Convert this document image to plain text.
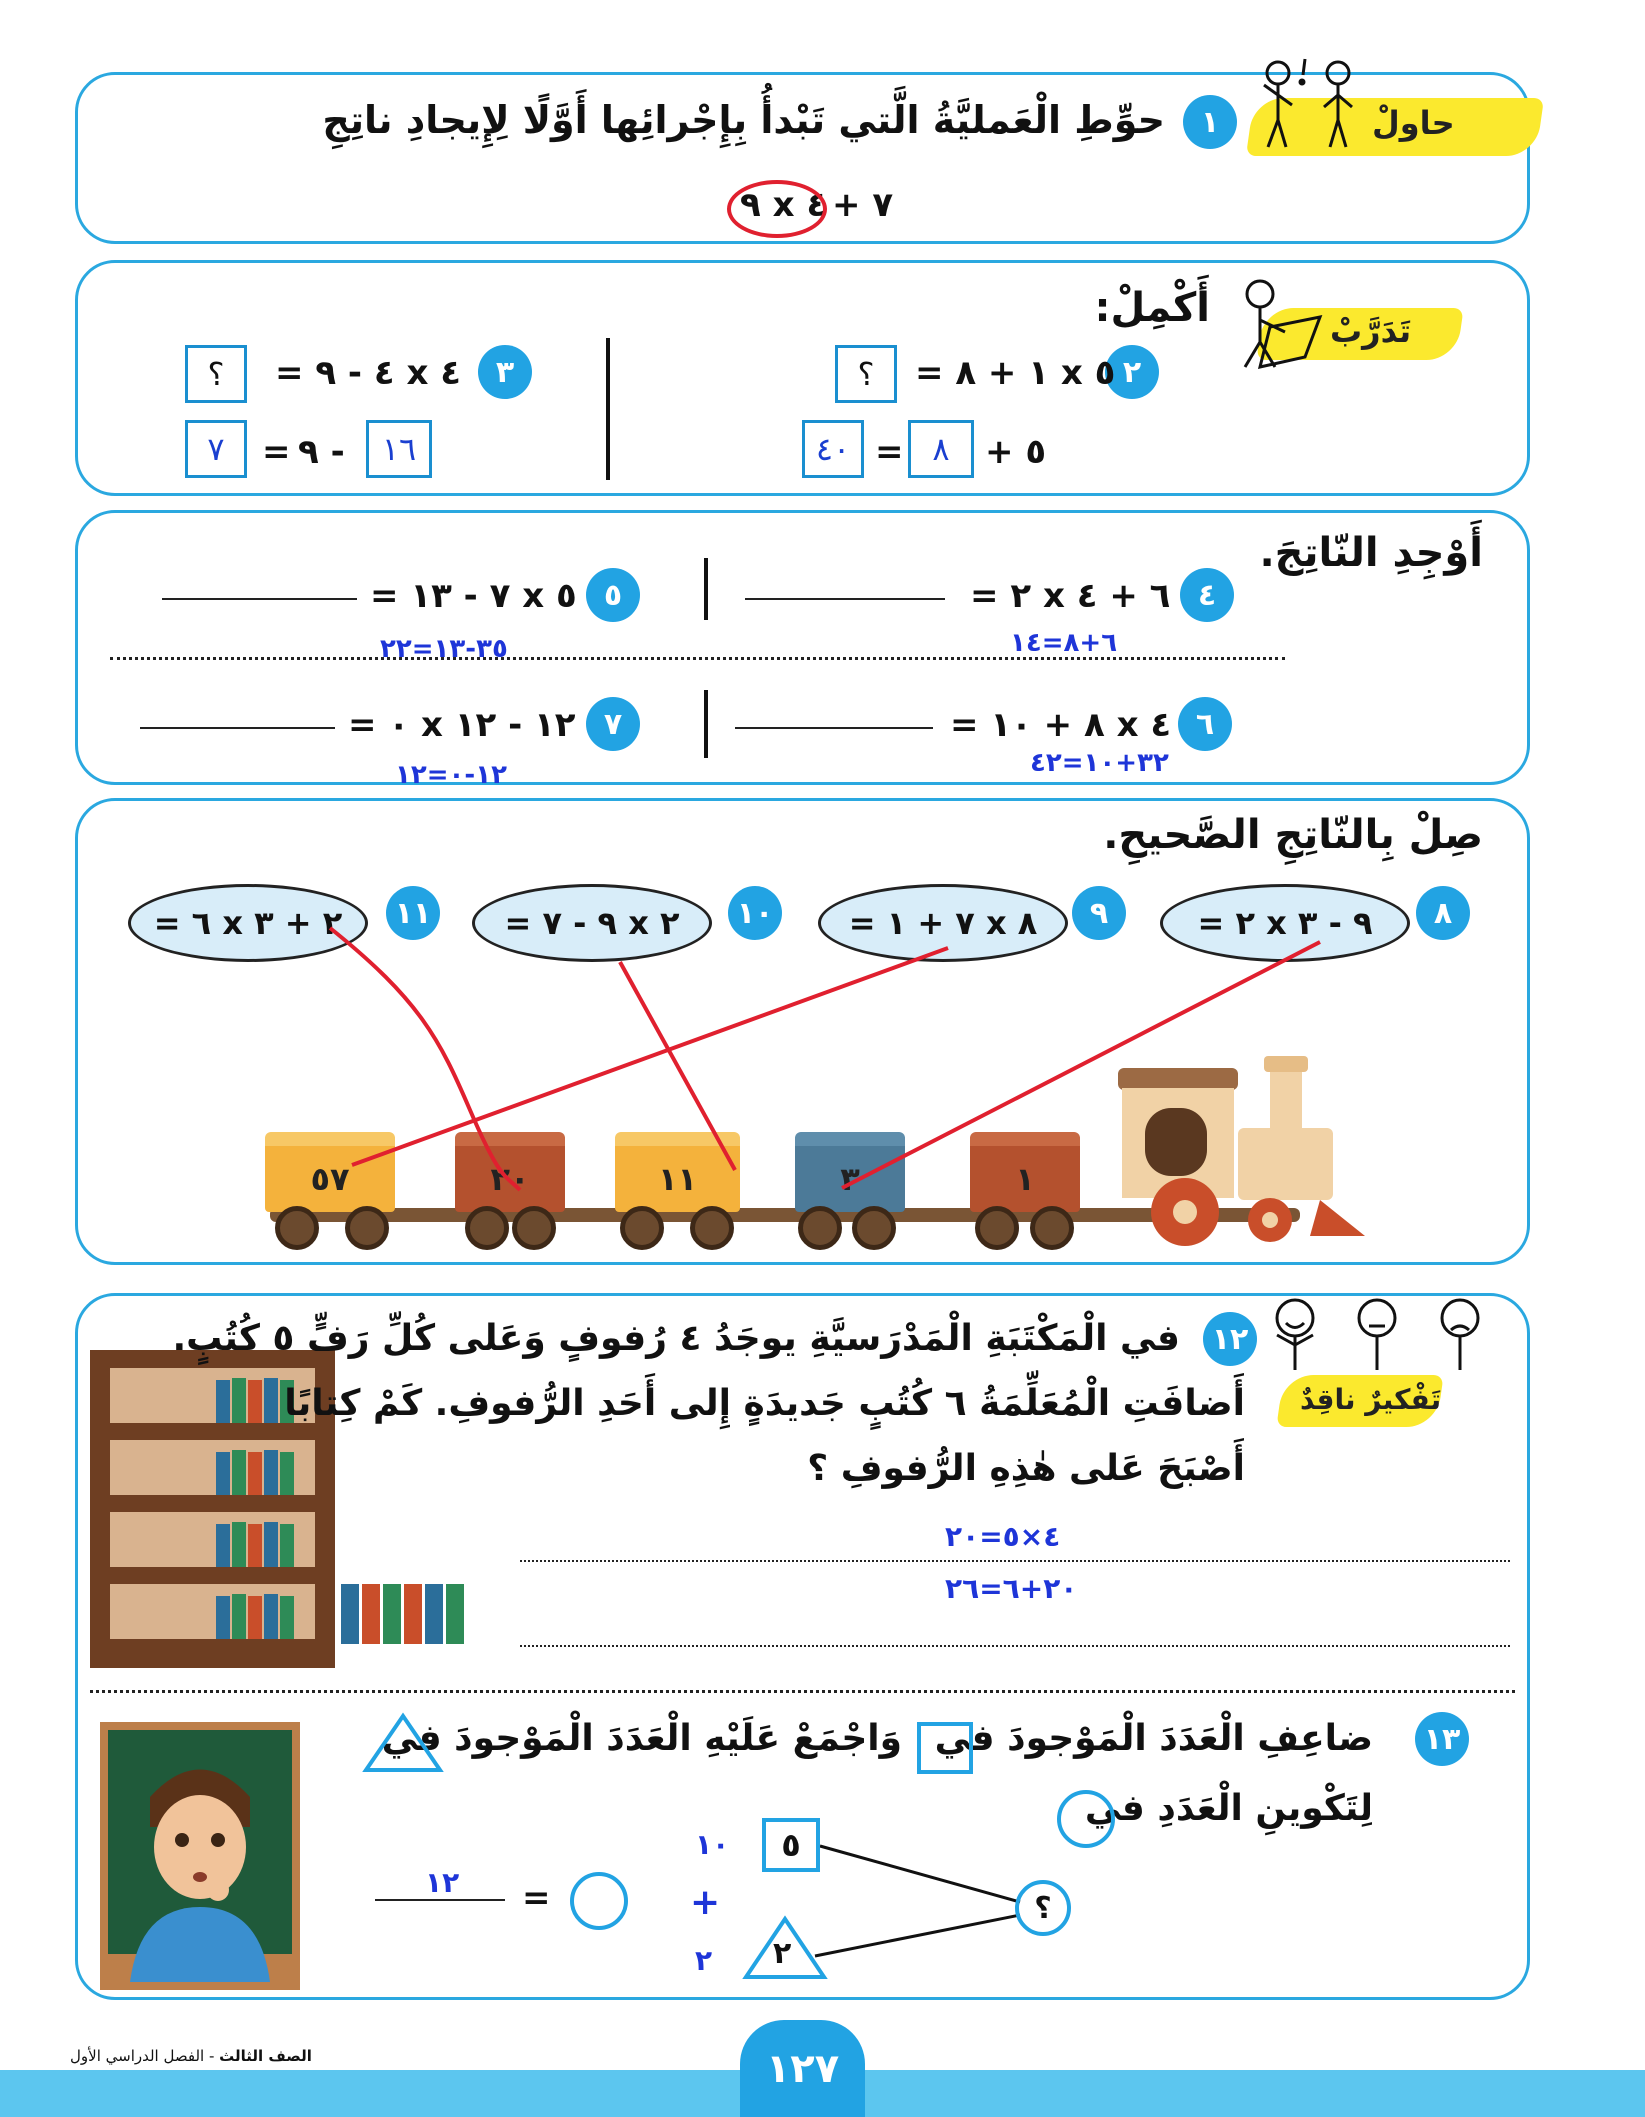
حاولْ
١
حوِّطِ الْعَمليَّةُ الَّتي تَبْدأُ بِإِجْرائِها أَوَّلًا لِإِيجادِ ناتِجِ
٧ +
٤ x ٩
تَدَرَّبْ
أَكْمِلْ:
٢
٥ x ١ + ٨ =
؟
٥ +
٨
=
٤٠
٣
٤ x ٤ - ٩ =
؟
١٦
- ٩
=
٧
أَوْجِدِ النّاتِجَ.
٤
٦ + ٤ x ٢ =
٦+٨=١٤
٥
٥ x ٧ - ١٣ =
٣٥-١٣=٢٢
٦
٤ x ٨ + ١٠ =
٣٢+١٠=٤٢
٧
١٢ - ١٢ x ٠ =
١٢-٠=١٢
صِلْ بِالنّاتِجِ الصَّحيحِ.
٨
٩ - ٣ x ٢ =
٩
٨ x ٧ + ١ =
١٠
٢ x ٩ - ٧ =
١١
٢ + ٣ x ٦ =
٥٧	٢٠	١١	٣	١
تَفْكيرٌ ناقِدٌ
١٢
في الْمَكْتَبَةِ الْمَدْرَسيَّةِ يوجَدُ ٤ رُفوفٍ وَعَلى كُلِّ رَفٍّ ٥ كُتُبٍ.
أَضافَتِ الْمُعَلِّمَةُ ٦ كُتُبٍ جَديدَةٍ إِلى أَحَدِ الرُّفوفِ. كَمْ كِتابًا
أَصْبَحَ عَلى هٰذِهِ الرُّفوفِ ؟
٤×٥=٢٠
٢٠+٦=٢٦
١٣
ضاعِفِ الْعَدَدَ الْمَوْجودَ في
وَاجْمَعْ عَلَيْهِ الْعَدَدَ الْمَوْجودَ في
لِتَكْوينِ الْعَدَدِ في
٥
٢
؟
١٠
+
٢
=
١٢
الصف الثالث - الفصل الدراسي الأول	١٢٧
